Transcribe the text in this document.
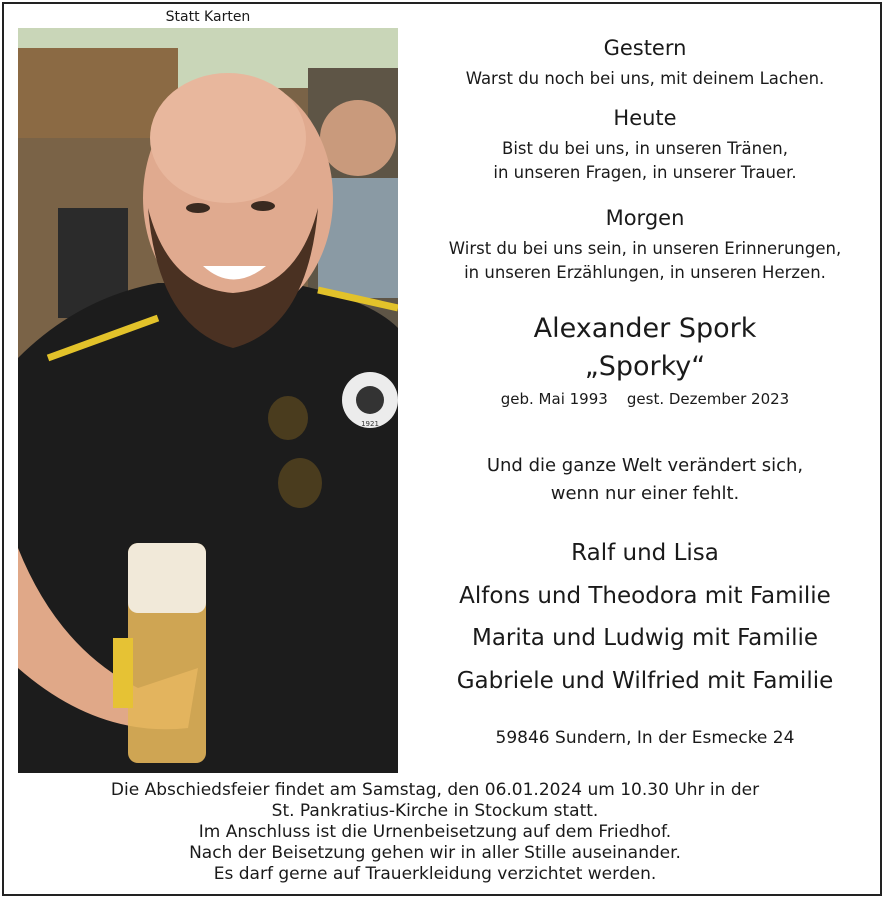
Statt Karten
1921
Gestern
Warst du noch bei uns, mit deinem Lachen.
Heute
Bist du bei uns, in unseren Tränen,
in unseren Fragen, in unserer Trauer.
Morgen
Wirst du bei uns sein, in unseren Erinnerungen,
in unseren Erzählungen, in unseren Herzen.
Alexander Spork
„Sporky“
geb. Mai 1993 gest. Dezember 2023
Und die ganze Welt verändert sich,
wenn nur einer fehlt.
Ralf und Lisa
Alfons und Theodora mit Familie
Marita und Ludwig mit Familie
Gabriele und Wilfried mit Familie
59846 Sundern, In der Esmecke 24
Die Abschiedsfeier findet am Samstag, den 06.01.2024 um 10.30 Uhr in der
St. Pankratius-Kirche in Stockum statt.
Im Anschluss ist die Urnenbeisetzung auf dem Friedhof.
Nach der Beisetzung gehen wir in aller Stille auseinander.
Es darf gerne auf Trauerkleidung verzichtet werden.
